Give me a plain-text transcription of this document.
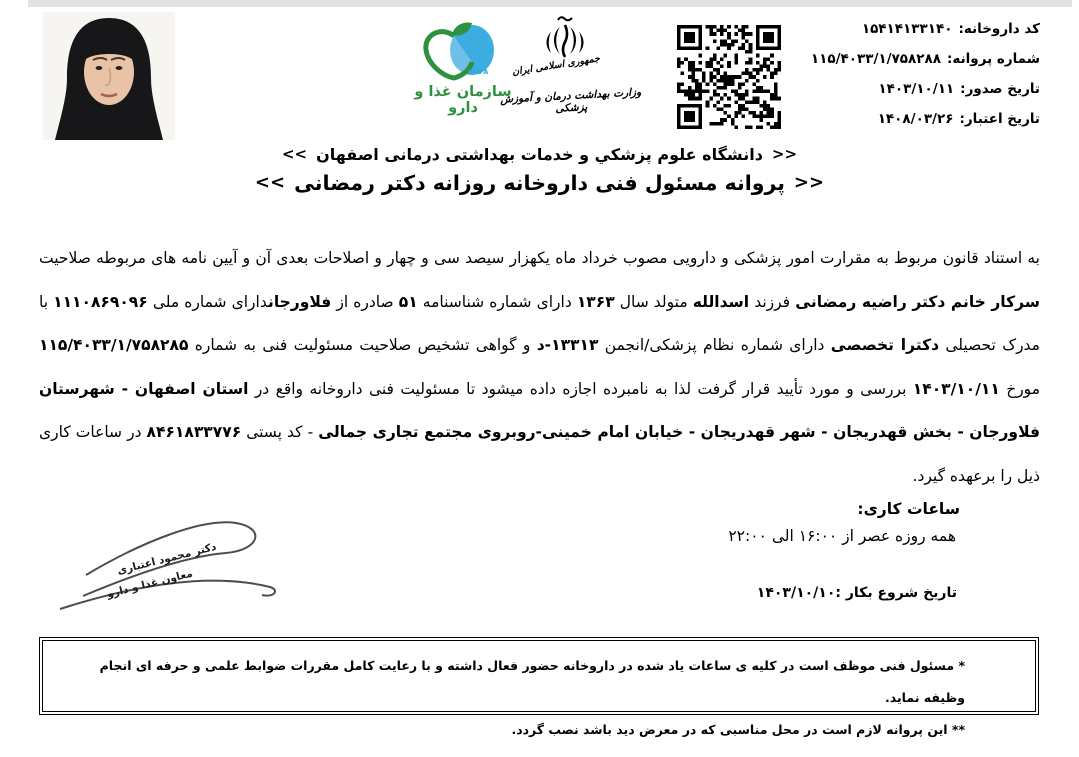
IFDA
سازمان غذا و دارو
جمهوری اسلامی ایران
وزارت بهداشت درمان و آموزش پزشکی
کد داروخانه:
۱۵۴۱۴۱۳۳۱۴۰
شماره پروانه:
۱۱۵/۴۰۳۳/۱/۷۵۸۲۸۸
تاریخ صدور:
۱۴۰۳/۱۰/۱۱
تاریخ اعتبار:
۱۴۰۸/۰۳/۲۶
<< دانشگاه علوم پزشكي و خدمات بهداشتی درمانی اصفهان >>

<< پروانه مسئول فنی داروخانه روزانه دکتر رمضانی >>
به استناد قانون مربوط به مقرارت امور پزشکی و دارویی مصوب خرداد ماه یکهزار سیصد سی و چهار و اصلاحات بعدی آن و آیین نامه های مربوطه صلاحیت سرکار خانم دکتر راضیه رمضانی فرزند اسدالله متولد سال ۱۳۶۳ دارای شماره شناسنامه ۵۱ صادره از فلاورجاندارای شماره ملی ۱۱۱۰۸۶۹۰۹۶ با مدرک تحصیلی دکترا تخصصی دارای شماره نظام پزشکی/انجمن ۱۳۳۱۳-د و گواهی تشخیص صلاحیت مسئولیت فنی به شماره ۱۱۵/۴۰۳۳/۱/۷۵۸۲۸۵ مورخ ۱۴۰۳/۱۰/۱۱ بررسی و مورد تأیید قرار گرفت لذا به نامبرده اجازه داده میشود تا مسئولیت فنی داروخانه واقع در استان اصفهان - شهرستان فلاورجان - بخش قهدریجان - شهر قهدریجان - خیابان امام خمینی-روبروی مجتمع تجاری جمالی - کد پستی ۸۴۶۱۸۳۳۷۷۶ در ساعات کاری ذیل را برعهده گیرد.
ساعات کاری:
همه روزه عصر از ۱۶:۰۰ الی ۲۲:۰۰
تاریخ شروع بکار :۱۴۰۳/۱۰/۱۰
دکتر محمود اعتباری
معاون غذا و دارو
* مسئول فنی موظف است در کلیه ی ساعات یاد شده در داروخانه حضور فعال داشته و با رعایت کامل مقررات ضوابط علمی و حرفه ای انجام وظیفه نماید.
** این پروانه لازم است در محل مناسبی که در معرض دید باشد نصب گردد.
